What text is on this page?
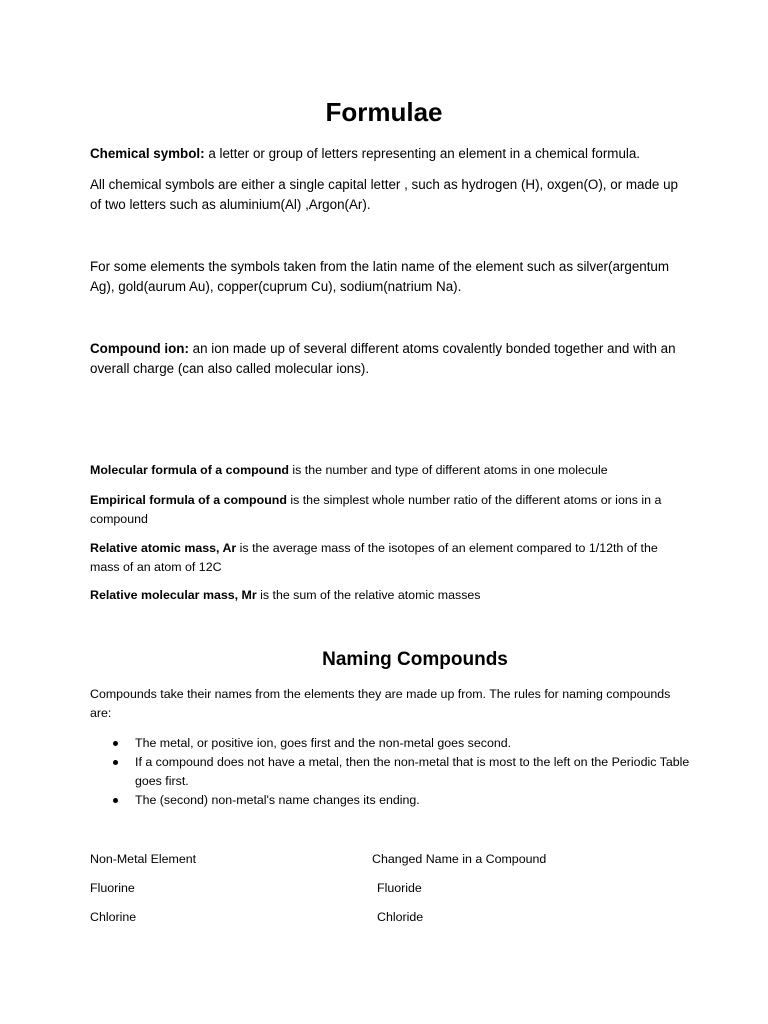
Formulae

Chemical symbol: a letter or group of letters representing an element in a chemical formula.

All chemical symbols are either a single capital letter , such as hydrogen (H), oxgen(O), or made up of two letters such as aluminium(Al) ,Argon(Ar).

For some elements the symbols taken from the latin name of the element such as silver(argentum Ag), gold(aurum Au), copper(cuprum Cu), sodium(natrium Na).

Compound ion: an ion made up of several different atoms covalently bonded together and with an overall charge (can also called molecular ions).

Molecular formula of a compound is the number and type of different atoms in one molecule

Empirical formula of a compound is the simplest whole number ratio of the different atoms or ions in a compound

Relative atomic mass, Ar is the average mass of the isotopes of an element compared to 1/12th of the mass of an atom of 12C

Relative molecular mass, Mr is the sum of the relative atomic masses

Naming Compounds

Compounds take their names from the elements they are made up from. The rules for naming compounds are:

The metal, or positive ion, goes first and the non-metal goes second.
If a compound does not have a metal, then the non-metal that is most to the left on the Periodic Table goes first.
The (second) non-metal's name changes its ending.
Non-Metal Element	Changed Name in a Compound
Fluorine	Fluoride
Chlorine	Chloride
